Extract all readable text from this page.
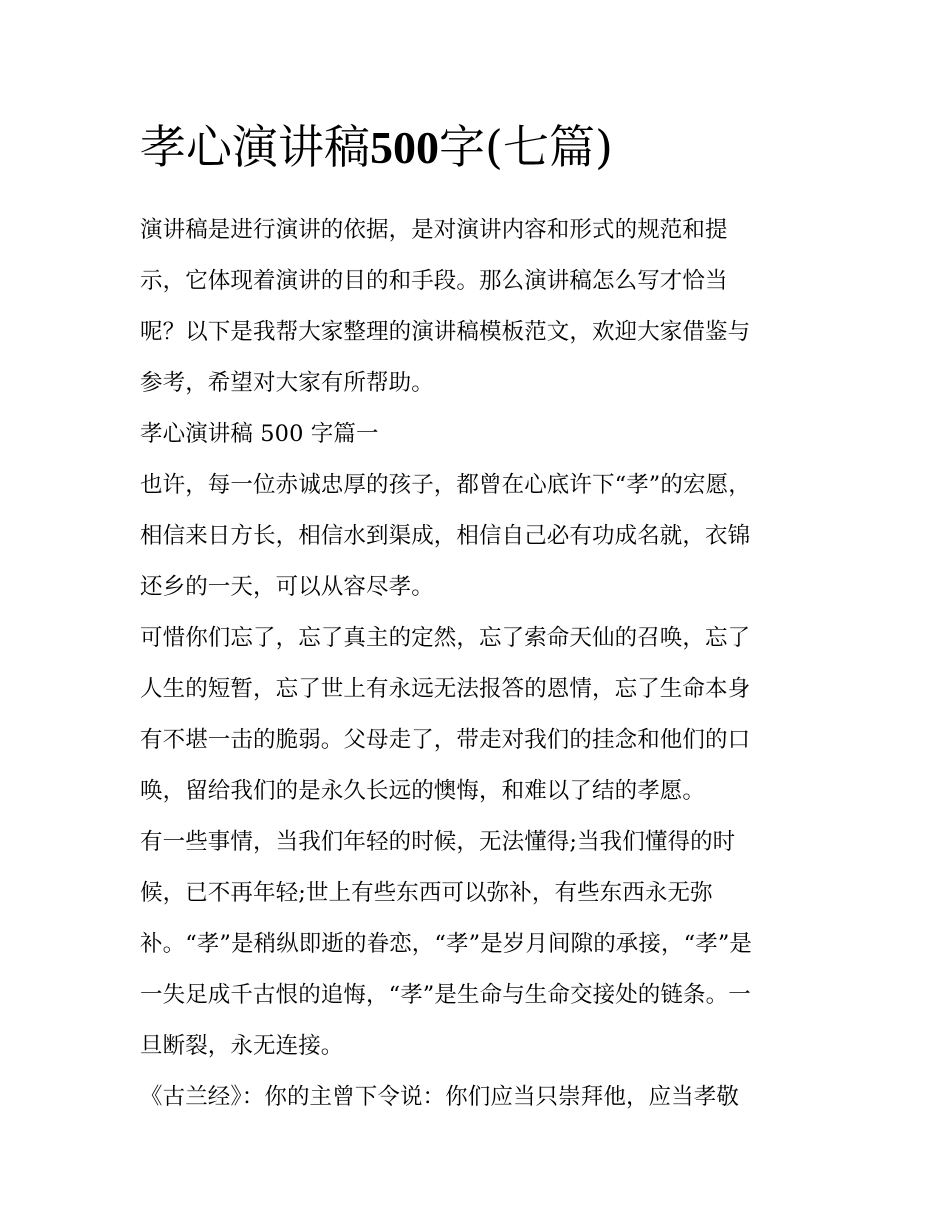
孝心演讲稿500字(七篇)
演讲稿是进行演讲的依据，是对演讲内容和形式的规范和提
示，它体现着演讲的目的和手段。那么演讲稿怎么写才恰当
呢？以下是我帮大家整理的演讲稿模板范文，欢迎大家借鉴与
参考，希望对大家有所帮助。
孝心演讲稿 500 字篇一
也许，每一位赤诚忠厚的孩子，都曾在心底许下“孝”的宏愿，
相信来日方长，相信水到渠成，相信自己必有功成名就，衣锦
还乡的一天，可以从容尽孝。
可惜你们忘了，忘了真主的定然，忘了索命天仙的召唤，忘了
人生的短暂，忘了世上有永远无法报答的恩情，忘了生命本身
有不堪一击的脆弱。父母走了，带走对我们的挂念和他们的口
唤，留给我们的是永久长远的懊悔，和难以了结的孝愿。
有一些事情，当我们年轻的时候，无法懂得;当我们懂得的时
候，已不再年轻;世上有些东西可以弥补，有些东西永无弥
补。“孝”是稍纵即逝的眷恋，“孝”是岁月间隙的承接，“孝”是
一失足成千古恨的追悔，“孝”是生命与生命交接处的链条。一
旦断裂，永无连接。
《古兰经》：你的主曾下令说：你们应当只崇拜他，应当孝敬
